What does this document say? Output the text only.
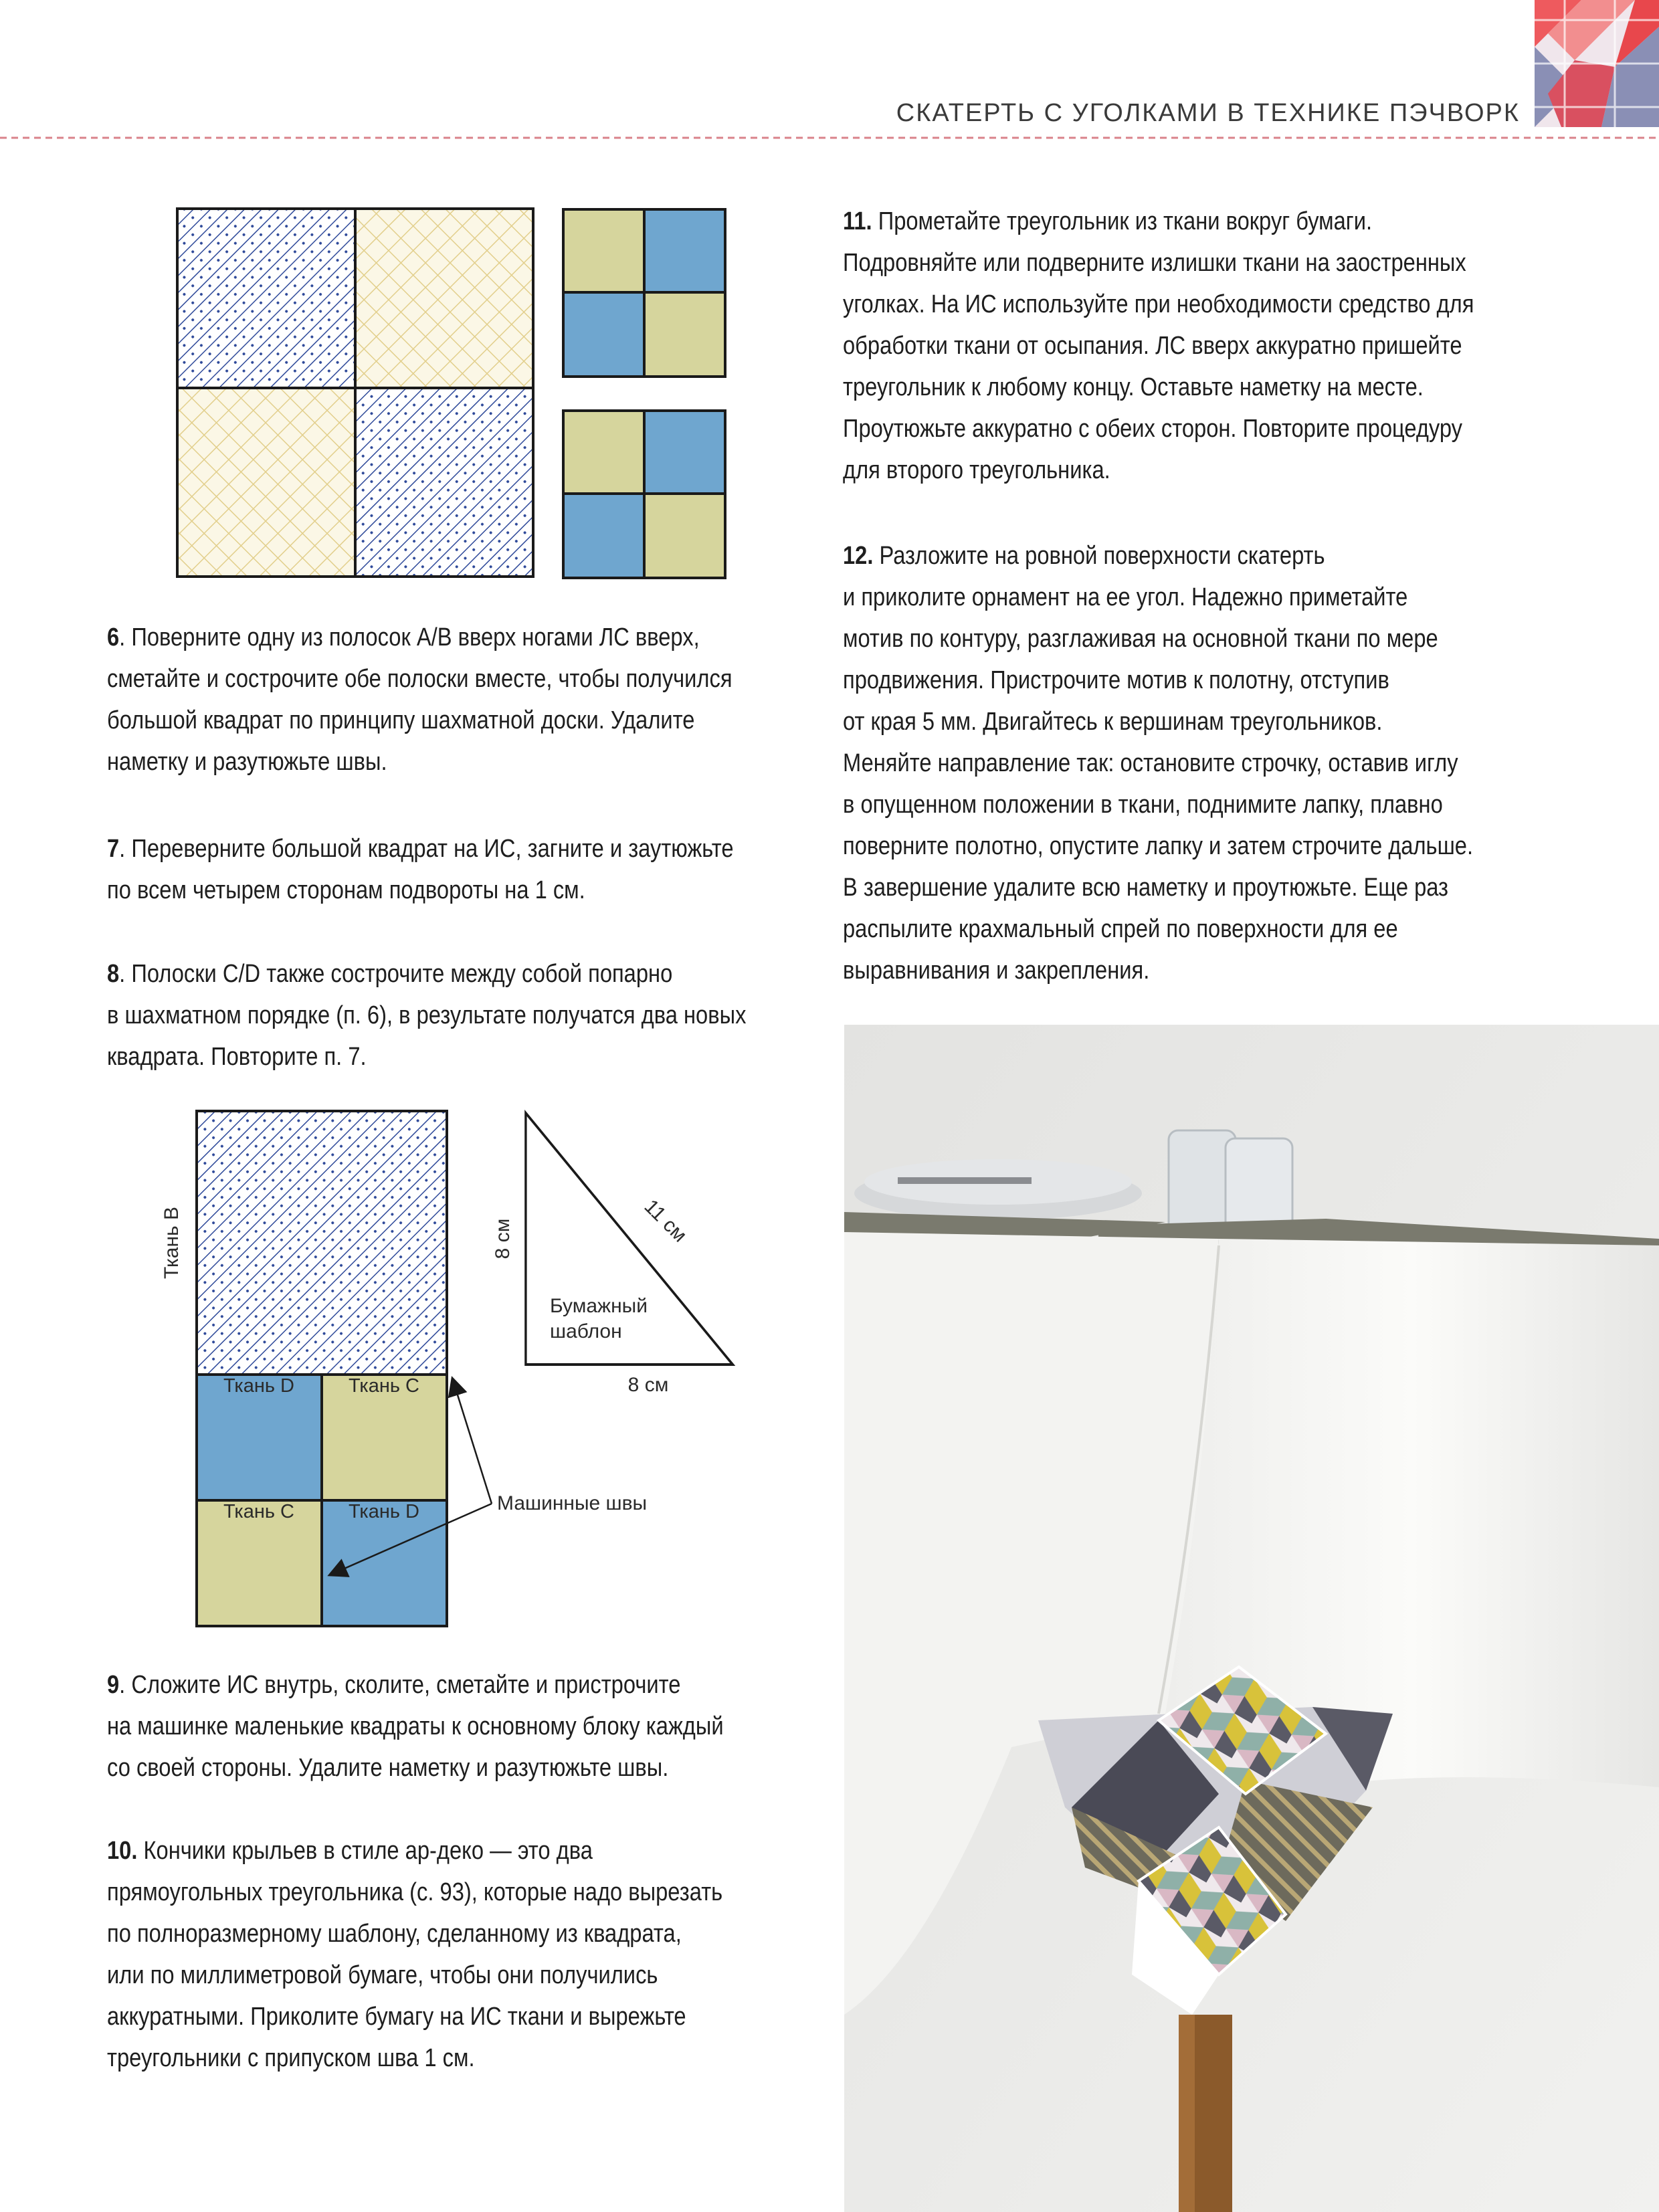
СКАТЕРТЬ С УГОЛКАМИ В ТЕХНИКЕ ПЭЧВОРК

6. Поверните одну из полосок A/B вверх ногами ЛС вверх,
сметайте и сострочите обе полоски вместе, чтобы получился
большой квадрат по принципу шахматной доски. Удалите
наметку и разутюжьте швы.

7. Переверните большой квадрат на ИС, загните и заутюжьте
по всем четырем сторонам подвороты на 1 см.

8. Полоски C/D также сострочите между собой попарно
в шахматном порядке (п. 6), в результате получатся два новых
квадрата. Повторите п. 7.

Ткань В
Ткань D	Ткань C
Ткань C	Ткань D	Машинные швы
Бумажный
шаблон
8 см
8 см
11 см

9. Сложите ИС внутрь, сколите, сметайте и пристрочите
на машинке маленькие квадраты к основному блоку каждый
со своей стороны. Удалите наметку и разутюжьте швы.

10. Кончики крыльев в стиле ар-деко — это два
прямоугольных треугольника (с. 93), которые надо вырезать
по полноразмерному шаблону, сделанному из квадрата,
или по миллиметровой бумаге, чтобы они получились
аккуратными. Приколите бумагу на ИС ткани и вырежьте
треугольники с припуском шва 1 см.

11. Прометайте треугольник из ткани вокруг бумаги.
Подровняйте или подверните излишки ткани на заостренных
уголках. На ИС используйте при необходимости средство для
обработки ткани от осыпания. ЛС вверх аккуратно пришейте
треугольник к любому концу. Оставьте наметку на месте.
Проутюжьте аккуратно с обеих сторон. Повторите процедуру
для второго треугольника.

12. Разложите на ровной поверхности скатерть
и приколите орнамент на ее угол. Надежно приметайте
мотив по контуру, разглаживая на основной ткани по мере
продвижения. Пристрочите мотив к полотну, отступив
от края 5 мм. Двигайтесь к вершинам треугольников.
Меняйте направление так: остановите строчку, оставив иглу
в опущенном положении в ткани, поднимите лапку, плавно
поверните полотно, опустите лапку и затем строчите дальше.
В завершение удалите всю наметку и проутюжьте. Еще раз
распылите крахмальный спрей по поверхности для ее
выравнивания и закрепления.
